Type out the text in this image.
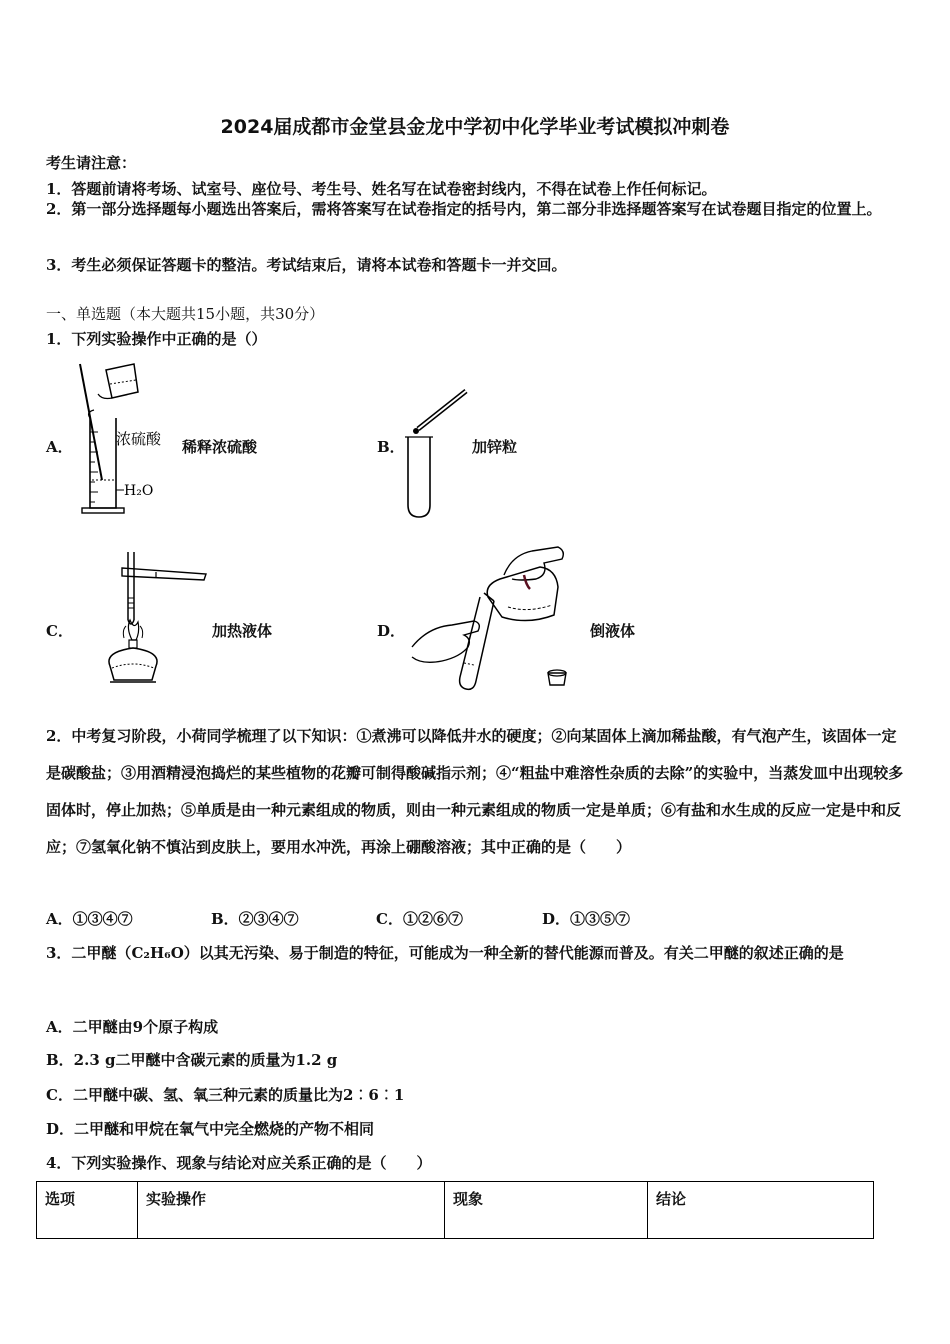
2024届成都市金堂县金龙中学初中化学毕业考试模拟冲刺卷
考生请注意：
1．答题前请将考场、试室号、座位号、考生号、姓名写在试卷密封线内，不得在试卷上作任何标记。
2．第一部分选择题每小题选出答案后，需将答案写在试卷指定的括号内，第二部分非选择题答案写在试卷题目指定的位置上。
3．考生必须保证答题卡的整洁。考试结束后，请将本试卷和答题卡一并交回。
一、单选题（本大题共15小题，共30分）
1．下列实验操作中正确的是（）
A．	浓硫酸
H₂O
稀释浓硫酸	B．	加锌粒
C．	加热液体	D．	倒液体
2．中考复习阶段，小荷同学梳理了以下知识：①煮沸可以降低井水的硬度；②向某固体上滴加稀盐酸，有气泡产生，该固体一定是碳酸盐；③用酒精浸泡捣烂的某些植物的花瓣可制得酸碱指示剂；④“粗盐中难溶性杂质的去除”的实验中，当蒸发皿中出现较多固体时，停止加热；⑤单质是由一种元素组成的物质，则由一种元素组成的物质一定是单质；⑥有盐和水生成的反应一定是中和反应；⑦氢氧化钠不慎沾到皮肤上，要用水冲洗，再涂上硼酸溶液；其中正确的是（　　）
A．①③④⑦	B．②③④⑦	C．①②⑥⑦	D．①③⑤⑦
3．二甲醚（C₂H₆O）以其无污染、易于制造的特征，可能成为一种全新的替代能源而普及。有关二甲醚的叙述正确的是
A．二甲醚由9个原子构成
B．2.3 g二甲醚中含碳元素的质量为1.2 g
C．二甲醚中碳、氢、氧三种元素的质量比为2︰6︰1
D．二甲醚和甲烷在氧气中完全燃烧的产物不相同
4．下列实验操作、现象与结论对应关系正确的是（　　）
选项	实验操作	现象	结论
